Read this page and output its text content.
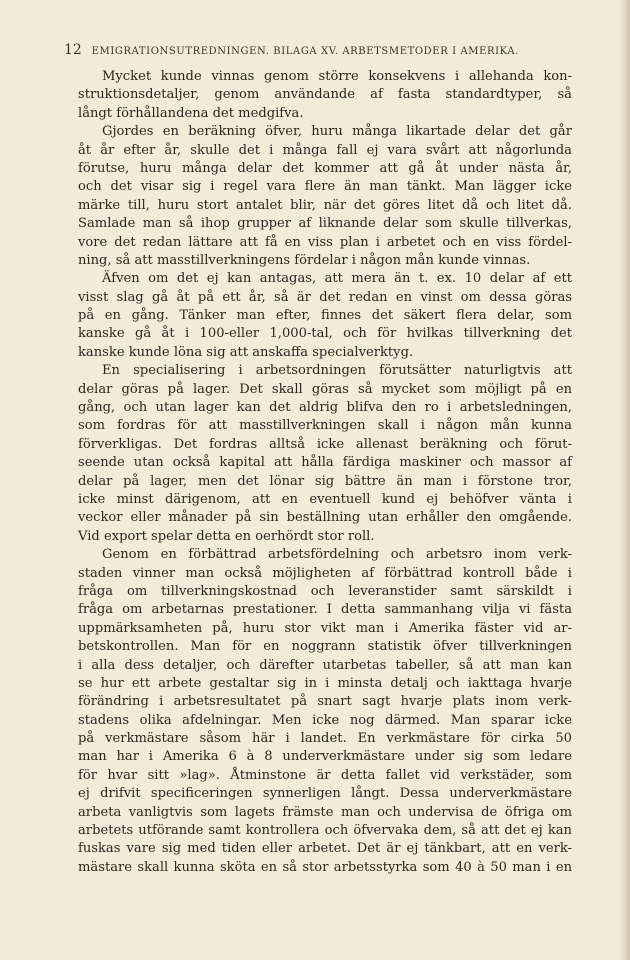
12 EMIGRATIONSUTREDNINGEN. BILAGA XV. ARBETSMETODER I AMERIKA.
Mycket kunde vinnas genom större konsekvens i allehanda kon-
struktionsdetaljer, genom användande af fasta standardtyper, så
långt förhållandena det medgifva.
Gjordes en beräkning öfver, huru många likartade delar det går
åt år efter år, skulle det i många fall ej vara svårt att någorlunda
förutse, huru många delar det kommer att gå åt under nästa år,
och det visar sig i regel vara flere än man tänkt. Man lägger icke
märke till, huru stort antalet blir, när det göres litet då och litet då.
Samlade man så ihop grupper af liknande delar som skulle tillverkas,
vore det redan lättare att få en viss plan i arbetet och en viss fördel-
ning, så att masstillverkningens fördelar i någon mån kunde vinnas.
Äfven om det ej kan antagas, att mera än t. ex. 10 delar af ett
visst slag gå åt på ett år, så är det redan en vinst om dessa göras
på en gång. Tänker man efter, finnes det säkert flera delar, som
kanske gå åt i 100-eller 1,000-tal, och för hvilkas tillverkning det
kanske kunde löna sig att anskaffa specialverktyg.
En specialisering i arbetsordningen förutsätter naturligtvis att
delar göras på lager. Det skall göras så mycket som möjligt på en
gång, och utan lager kan det aldrig blifva den ro i arbetsledningen,
som fordras för att masstillverkningen skall i någon mån kunna
förverkligas. Det fordras alltså icke allenast beräkning och förut-
seende utan också kapital att hålla färdiga maskiner och massor af
delar på lager, men det lönar sig bättre än man i förstone tror,
icke minst därigenom, att en eventuell kund ej behöfver vänta i
veckor eller månader på sin beställning utan erhåller den omgående.
Vid export spelar detta en oerhördt stor roll.
Genom en förbättrad arbetsfördelning och arbetsro inom verk-
staden vinner man också möjligheten af förbättrad kontroll både i
fråga om tillverkningskostnad och leveranstider samt särskildt i
fråga om arbetarnas prestationer. I detta sammanhang vilja vi fästa
uppmärksamheten på, huru stor vikt man i Amerika fäster vid ar-
betskontrollen. Man för en noggrann statistik öfver tillverkningen
i alla dess detaljer, och därefter utarbetas tabeller, så att man kan
se hur ett arbete gestaltar sig in i minsta detalj och iakttaga hvarje
förändring i arbetsresultatet på snart sagt hvarje plats inom verk-
stadens olika afdelningar. Men icke nog därmed. Man sparar icke
på verkmästare såsom här i landet. En verkmästare för cirka 50
man har i Amerika 6 à 8 underverkmästare under sig som ledare
för hvar sitt »lag». Åtminstone är detta fallet vid verkstäder, som
ej drifvit specificeringen synnerligen långt. Dessa underverkmästare
arbeta vanligtvis som lagets främste man och undervisa de öfriga om
arbetets utförande samt kontrollera och öfvervaka dem, så att det ej kan
fuskas vare sig med tiden eller arbetet. Det är ej tänkbart, att en verk-
mästare skall kunna sköta en så stor arbetsstyrka som 40 à 50 man i en
